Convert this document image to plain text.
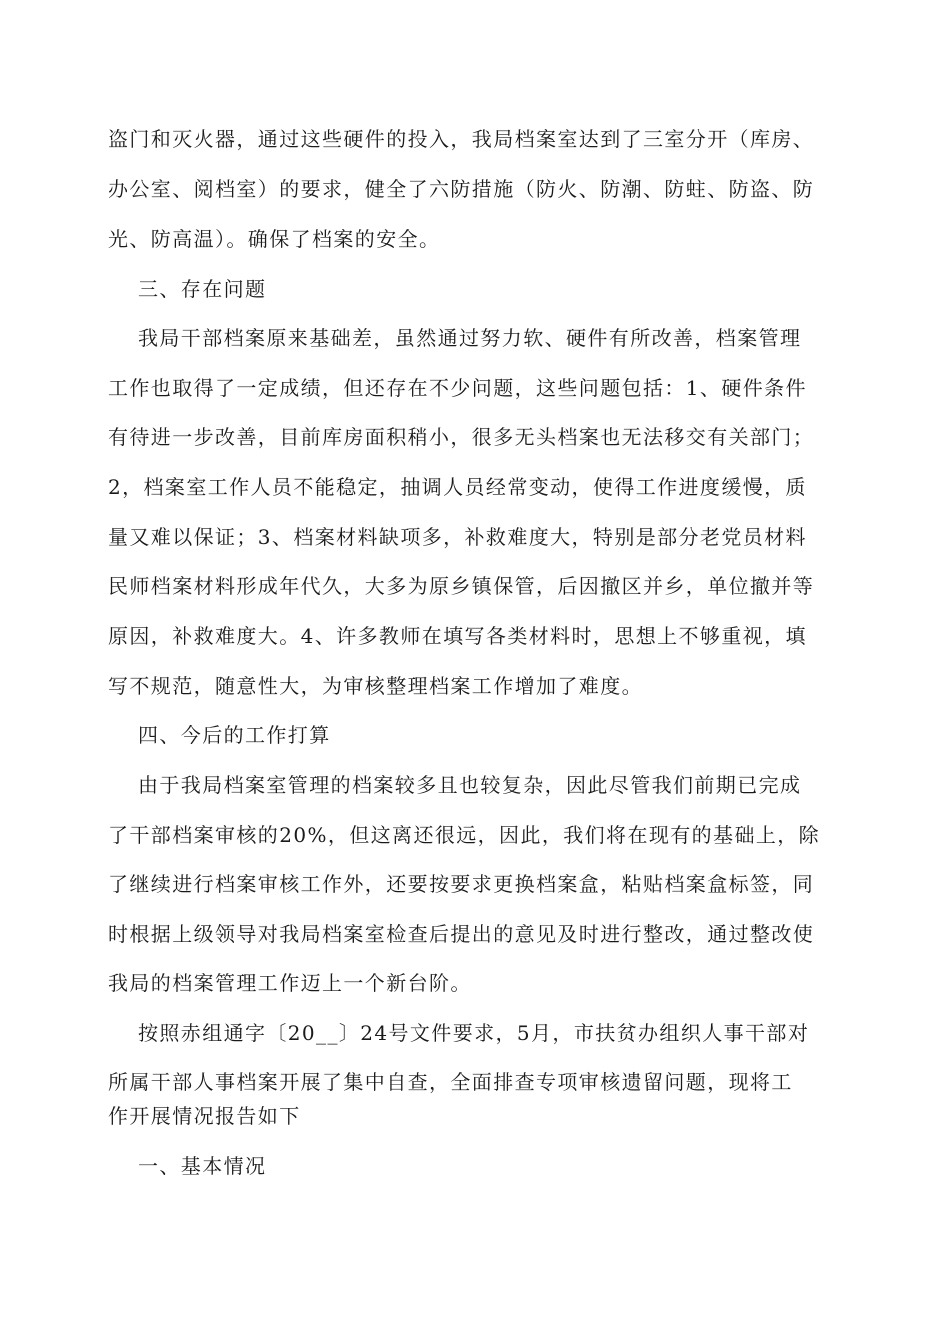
盗门和灭火器，通过这些硬件的投入，我局档案室达到了三室分开（库房、
办公室、阅档室）的要求，健全了六防措施（防火、防潮、防蛀、防盗、防
光、防高温）。确保了档案的安全。
三、存在问题
我局干部档案原来基础差，虽然通过努力软、硬件有所改善，档案管理
工作也取得了一定成绩，但还存在不少问题，这些问题包括：1、硬件条件
有待进一步改善，目前库房面积稍小，很多无头档案也无法移交有关部门；
2，档案室工作人员不能稳定，抽调人员经常变动，使得工作进度缓慢，质
量又难以保证；3、档案材料缺项多，补救难度大，特别是部分老党员材料
民师档案材料形成年代久，大多为原乡镇保管，后因撤区并乡，单位撤并等
原因，补救难度大。4、许多教师在填写各类材料时，思想上不够重视，填
写不规范，随意性大，为审核整理档案工作增加了难度。
四、今后的工作打算
由于我局档案室管理的档案较多且也较复杂，因此尽管我们前期已完成
了干部档案审核的20%，但这离还很远，因此，我们将在现有的基础上，除
了继续进行档案审核工作外，还要按要求更换档案盒，粘贴档案盒标签，同
时根据上级领导对我局档案室检查后提出的意见及时进行整改，通过整改使
我局的档案管理工作迈上一个新台阶。
按照赤组通字〔20__〕24号文件要求，5月，市扶贫办组织人事干部对
所属干部人事档案开展了集中自查，全面排查专项审核遗留问题，现将工
作开展情况报告如下
一、基本情况
